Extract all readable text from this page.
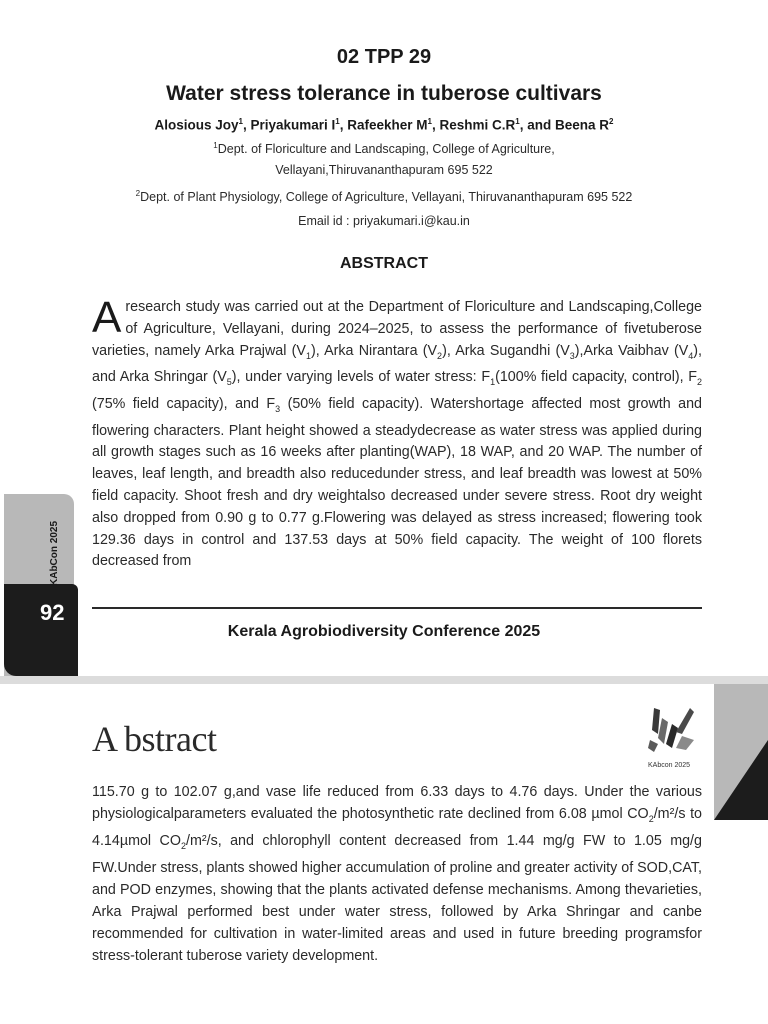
02 TPP 29
Water stress tolerance in tuberose cultivars
Alosious Joy$^1$, Priyakumari $I^1$, Rafeekher $M^1$, Reshmi $C.R^1$, and Beena $R^2$
$^1$Dept. of Floriculture and Landscaping, College of Agriculture,
Vellayani,Thiruvananthapuram 695 522
$^2$Dept. of Plant Physiology, College of Agriculture, Vellayani, Thiruvananthapuram 695 522
Email id : priyakumari.i@kau.in
ABSTRACT
Aresearch study was carried out at the Department of Floriculture and Landscaping,College of Agriculture, Vellayani, during 2024–2025, to assess the performance of fivetuberose varieties, namely Arka Prajwal $(V_1)$, Arka Nirantara $(V_2)$, Arka Sugandhi $(V_3),Arka$ Vaibhav $(V_4)$, and Arka Shringar $(V_5)$, under varying levels of water stress: $F_1(100\%$ field capacity, control), $F_2$ (75% field capacity), and $F_3$ (50% field capacity). Watershortage affected most growth and flowering characters. Plant height showed a steadydecrease as water stress was applied during all growth stages such as 16 weeks after planting(WAP), 18 WAP, and 20 WAP. The number of leaves, leaf length, and breadth also reducedunder stress, and leaf breadth was lowest at 50% field capacity. Shoot fresh and dry weightalso decreased under severe stress. Root dry weight also dropped from 0.90 g to 0.77 g.Flowering was delayed as stress increased; flowering took 129.36 days in control and 137.53 days at 50% field capacity. The weight of 100 florets decreased from
KAbCon 2025
92
Kerala Agrobiodiversity Conference 2025
A bstract
KAbcon 2025
115.70 g to 102.07 g,and vase life reduced from 6.33 days to 4.76 days. Under the various physiologicalparameters evaluated the photosynthetic rate declined from 6.08 µmol $CO_2/m^2/s$ to 4.14µmol $CO_2/m^2/s$, and chlorophyll content decreased from 1.44 mg/g FW to 1.05 mg/g FW.Under stress, plants showed higher accumulation of proline and greater activity of SOD,CAT, and POD enzymes, showing that the plants activated defense mechanisms. Among thevarieties, Arka Prajwal performed best under water stress, followed by Arka Shringar and canbe recommended for cultivation in water-limited areas and used in future breeding programsfor stress-tolerant tuberose variety development.
